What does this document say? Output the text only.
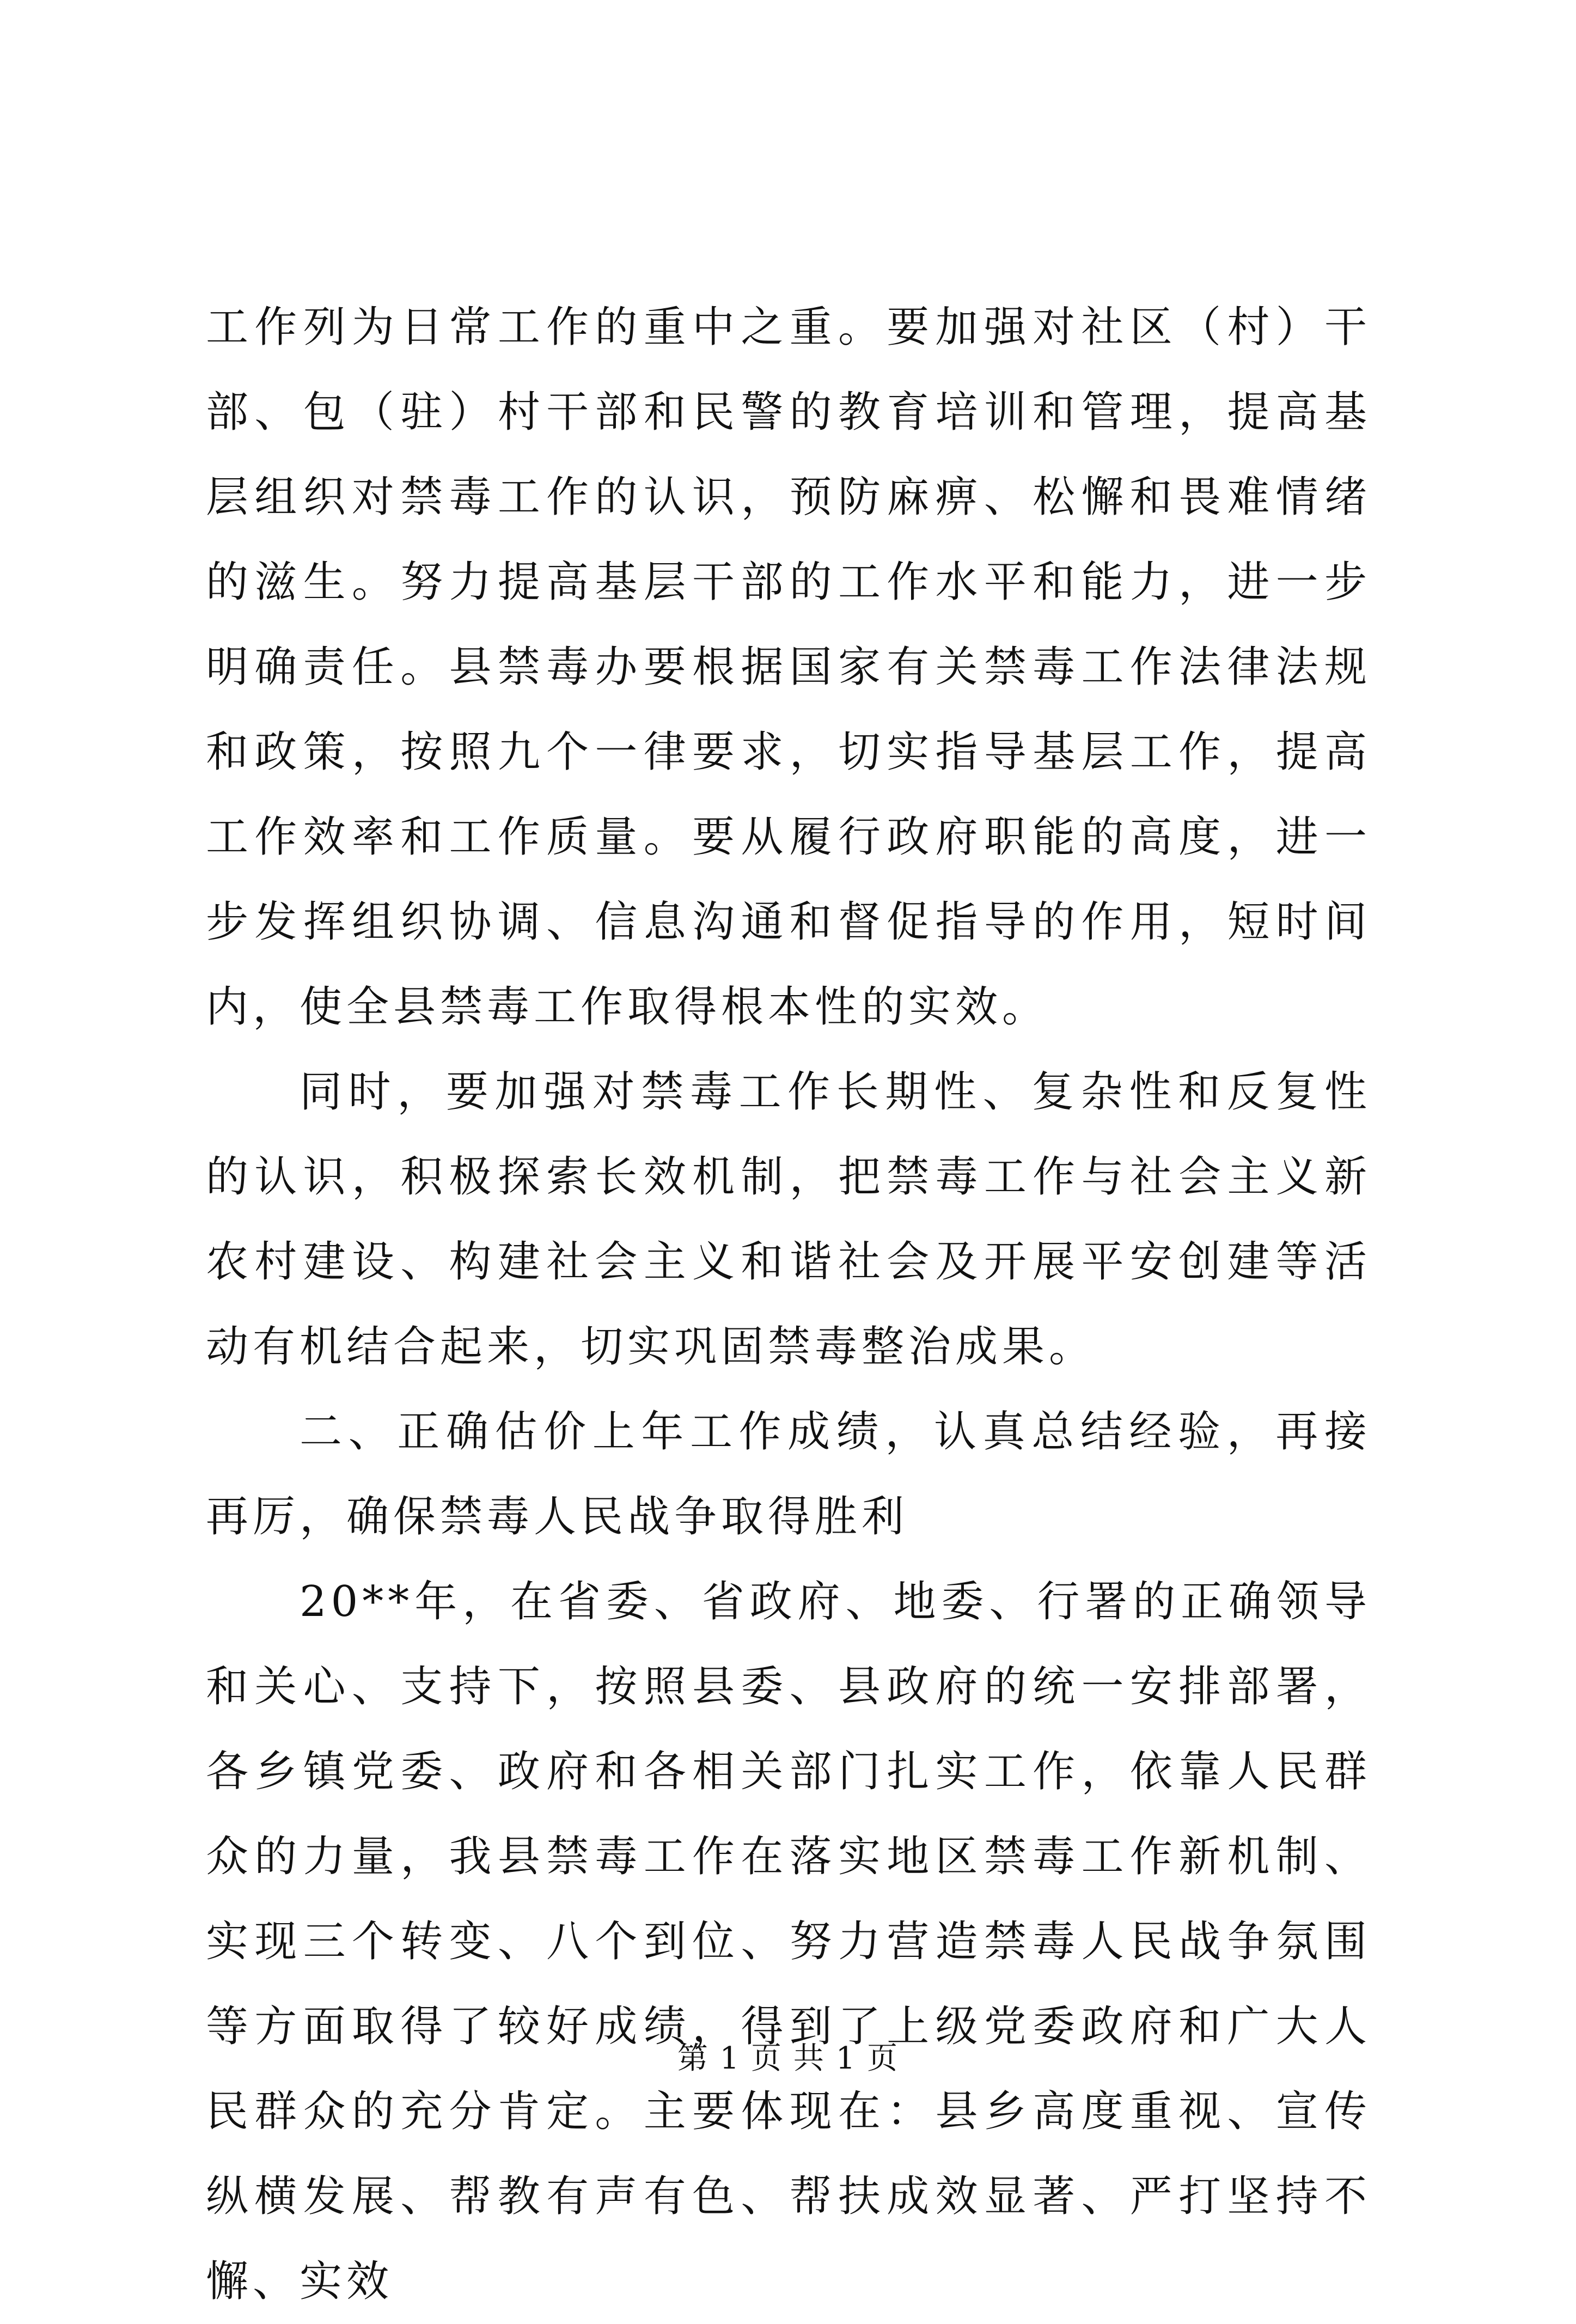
工作列为日常工作的重中之重。要加强对社区（村）干部、包（驻）村干部和民警的教育培训和管理，提高基层组织对禁毒工作的认识，预防麻痹、松懈和畏难情绪的滋生。努力提高基层干部的工作水平和能力，进一步明确责任。县禁毒办要根据国家有关禁毒工作法律法规和政策，按照九个一律要求，切实指导基层工作，提高工作效率和工作质量。要从履行政府职能的高度，进一步发挥组织协调、信息沟通和督促指导的作用，短时间内，使全县禁毒工作取得根本性的实效。

同时，要加强对禁毒工作长期性、复杂性和反复性的认识，积极探索长效机制，把禁毒工作与社会主义新农村建设、构建社会主义和谐社会及开展平安创建等活动有机结合起来，切实巩固禁毒整治成果。

二、正确估价上年工作成绩，认真总结经验，再接再厉，确保禁毒人民战争取得胜利

20**年，在省委、省政府、地委、行署的正确领导和关心、支持下，按照县委、县政府的统一安排部署，各乡镇党委、政府和各相关部门扎实工作，依靠人民群众的力量，我县禁毒工作在落实地区禁毒工作新机制、实现三个转变、八个到位、努力营造禁毒人民战争氛围等方面取得了较好成绩，得到了上级党委政府和广大人民群众的充分肯定。主要体现在：县乡高度重视、宣传纵横发展、帮教有声有色、帮扶成效显著、严打坚持不懈、实效

第 1 页 共 1 页
